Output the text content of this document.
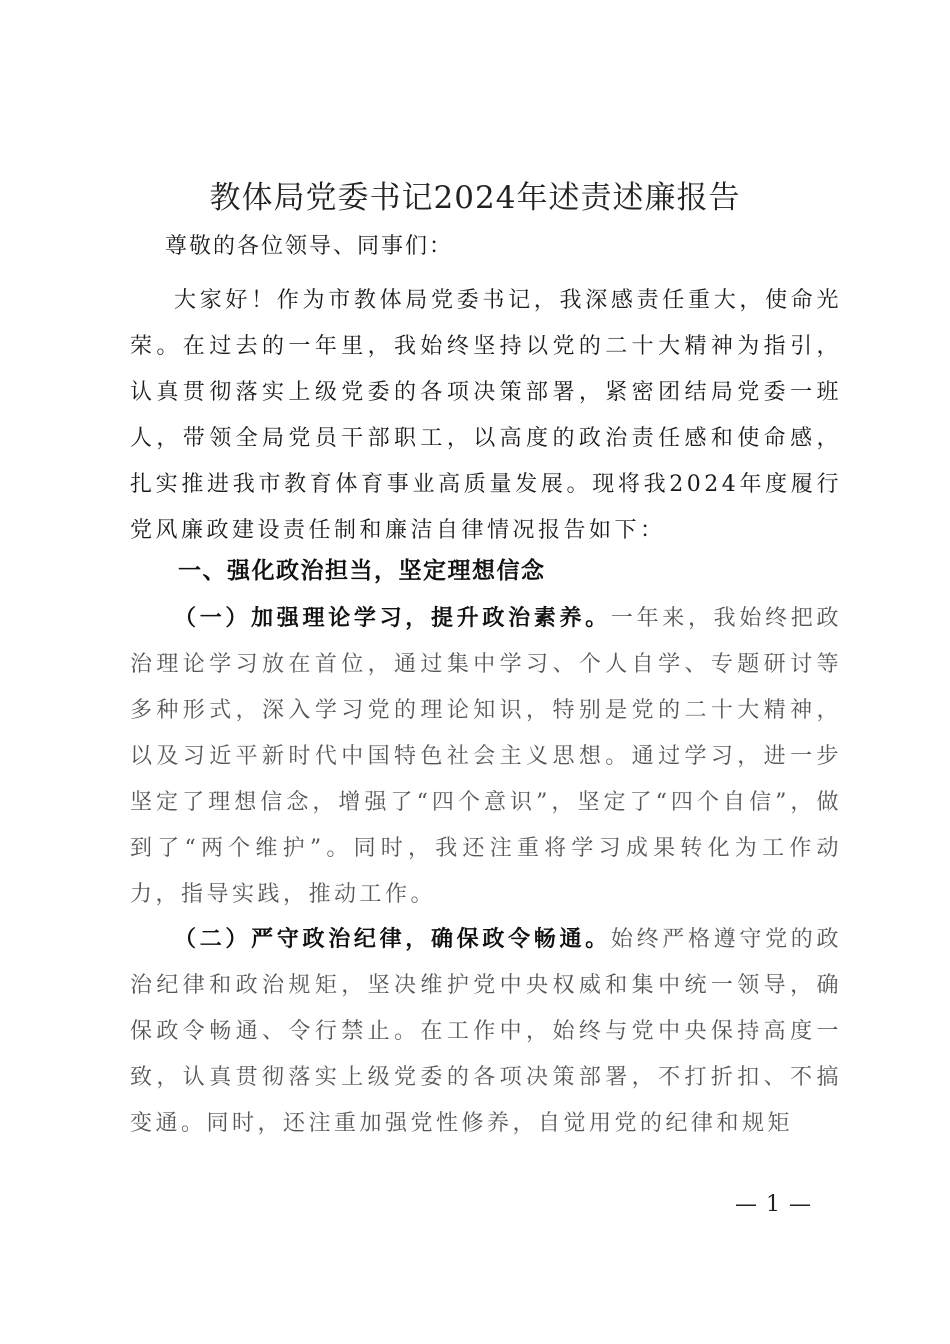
教体局党委书记2024年述责述廉报告
尊敬的各位领导、同事们：

大家好！作为市教体局党委书记，我深感责任重大，使命光荣。在过去的一年里，我始终坚持以党的二十大精神为指引，认真贯彻落实上级党委的各项决策部署，紧密团结局党委一班人，带领全局党员干部职工，以高度的政治责任感和使命感，扎实推进我市教育体育事业高质量发展。现将我2024年度履行党风廉政建设责任制和廉洁自律情况报告如下：

一、强化政治担当，坚定理想信念

（一）加强理论学习，提升政治素养。一年来，我始终把政治理论学习放在首位，通过集中学习、个人自学、专题研讨等多种形式，深入学习党的理论知识，特别是党的二十大精神，以及习近平新时代中国特色社会主义思想。通过学习，进一步坚定了理想信念，增强了“四个意识”，坚定了“四个自信”，做到了“两个维护”。同时，我还注重将学习成果转化为工作动力，指导实践，推动工作。

（二）严守政治纪律，确保政令畅通。始终严格遵守党的政治纪律和政治规矩，坚决维护党中央权威和集中统一领导，确保政令畅通、令行禁止。在工作中，始终与党中央保持高度一致，认真贯彻落实上级党委的各项决策部署，不打折扣、不搞变通。同时，还注重加强党性修养，自觉用党的纪律和规矩

— 1 —
